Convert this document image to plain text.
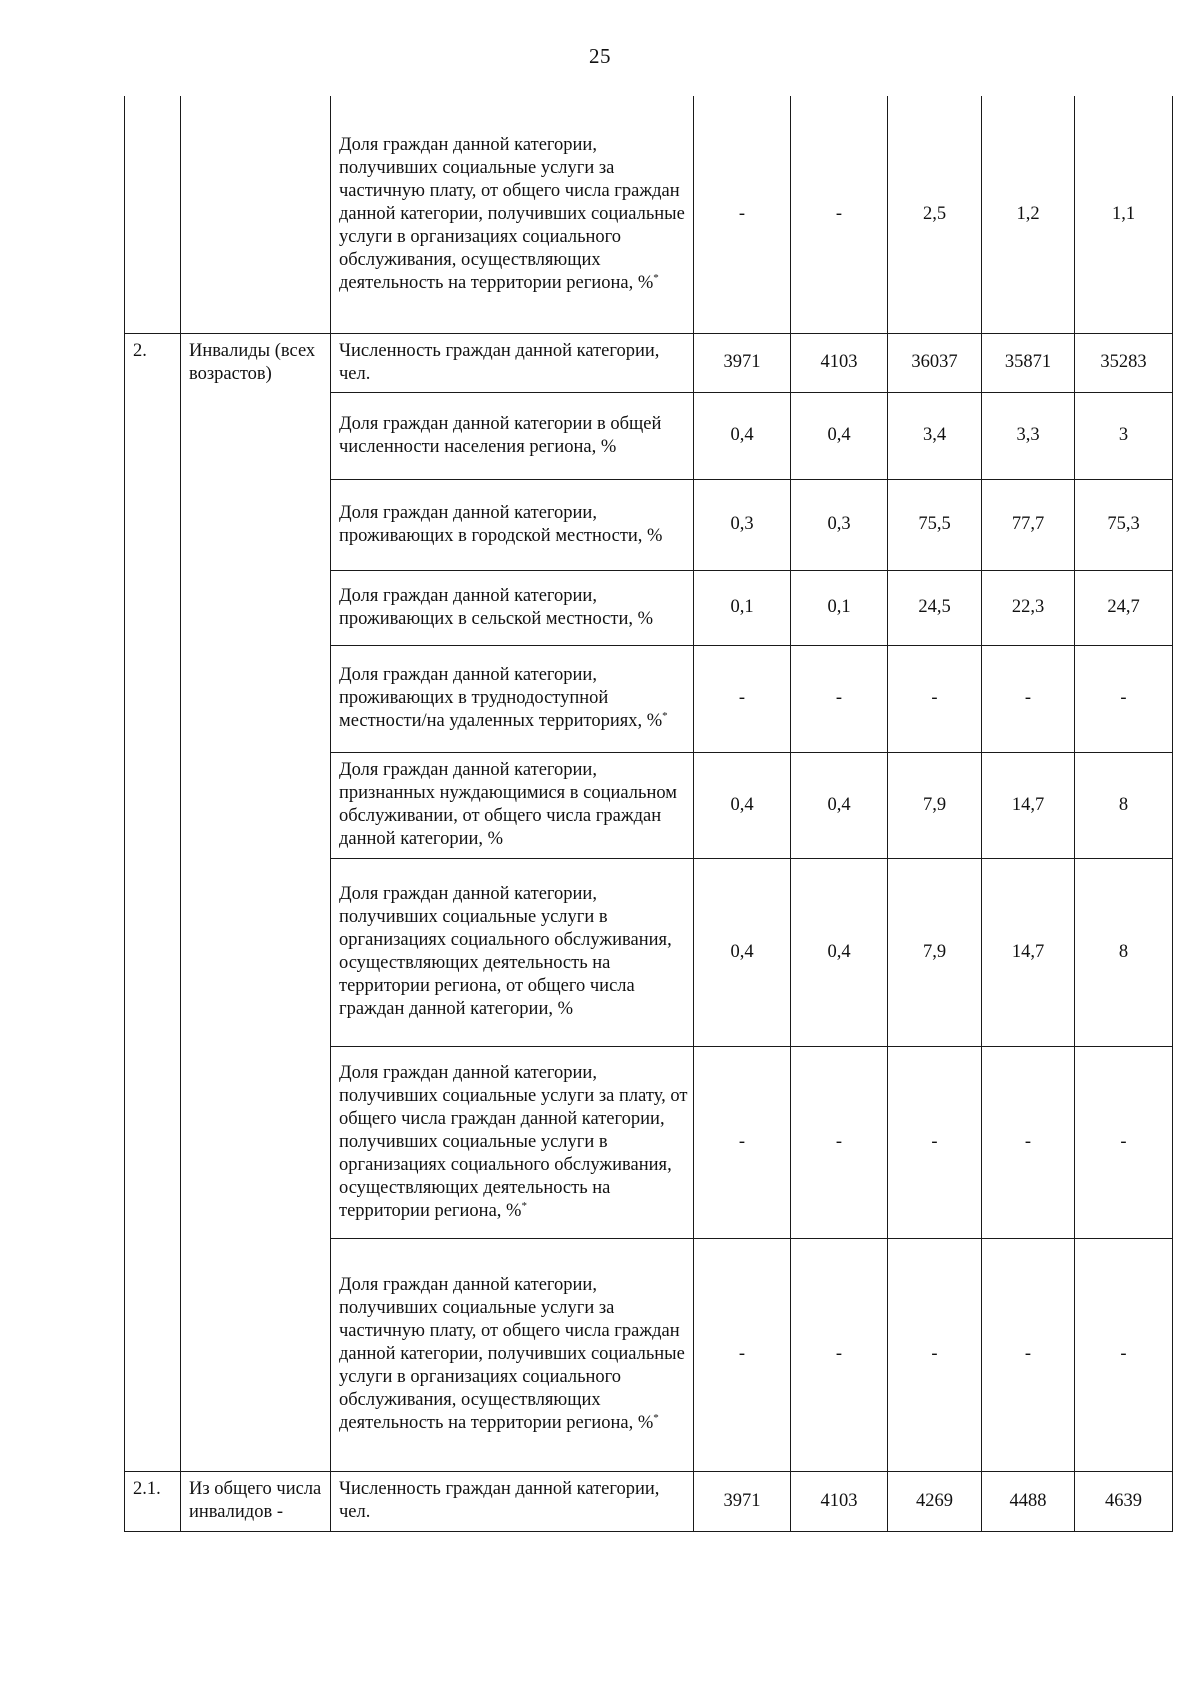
25
		Доля граждан данной категории, получивших социальные услуги за частичную плату, от общего числа граждан данной категории, получивших социальные услуги в организациях социального обслуживания, осуществляющих деятельность на территории региона, %*	-	-	2,5	1,2	1,1
2.	Инвалиды (всех возрастов)	Численность граждан данной категории, чел.	3971	4103	36037	35871	35283
		Доля граждан данной категории в общей численности населения региона, %	0,4	0,4	3,4	3,3	3
		Доля граждан данной категории, проживающих в городской местности, %	0,3	0,3	75,5	77,7	75,3
		Доля граждан данной категории, проживающих в сельской местности, %	0,1	0,1	24,5	22,3	24,7
		Доля граждан данной категории, проживающих в труднодоступной местности/на удаленных территориях, %*	-	-	-	-	-
		Доля граждан данной категории, признанных нуждающимися в социальном обслуживании, от общего числа граждан данной категории, %	0,4	0,4	7,9	14,7	8
		Доля граждан данной категории, получивших социальные услуги в организациях социального обслуживания, осуществляющих деятельность на территории региона, от общего числа граждан данной категории, %	0,4	0,4	7,9	14,7	8
		Доля граждан данной категории, получивших социальные услуги за плату, от общего числа граждан данной категории, получивших социальные услуги в организациях социального обслуживания, осуществляющих деятельность на территории региона, %*	-	-	-	-	-
		Доля граждан данной категории, получивших социальные услуги за частичную плату, от общего числа граждан данной категории, получивших социальные услуги в организациях социального обслуживания, осуществляющих деятельность на территории региона, %*	-	-	-	-	-
2.1.	Из общего числа инвалидов -	Численность граждан данной категории, чел.	3971	4103	4269	4488	4639
